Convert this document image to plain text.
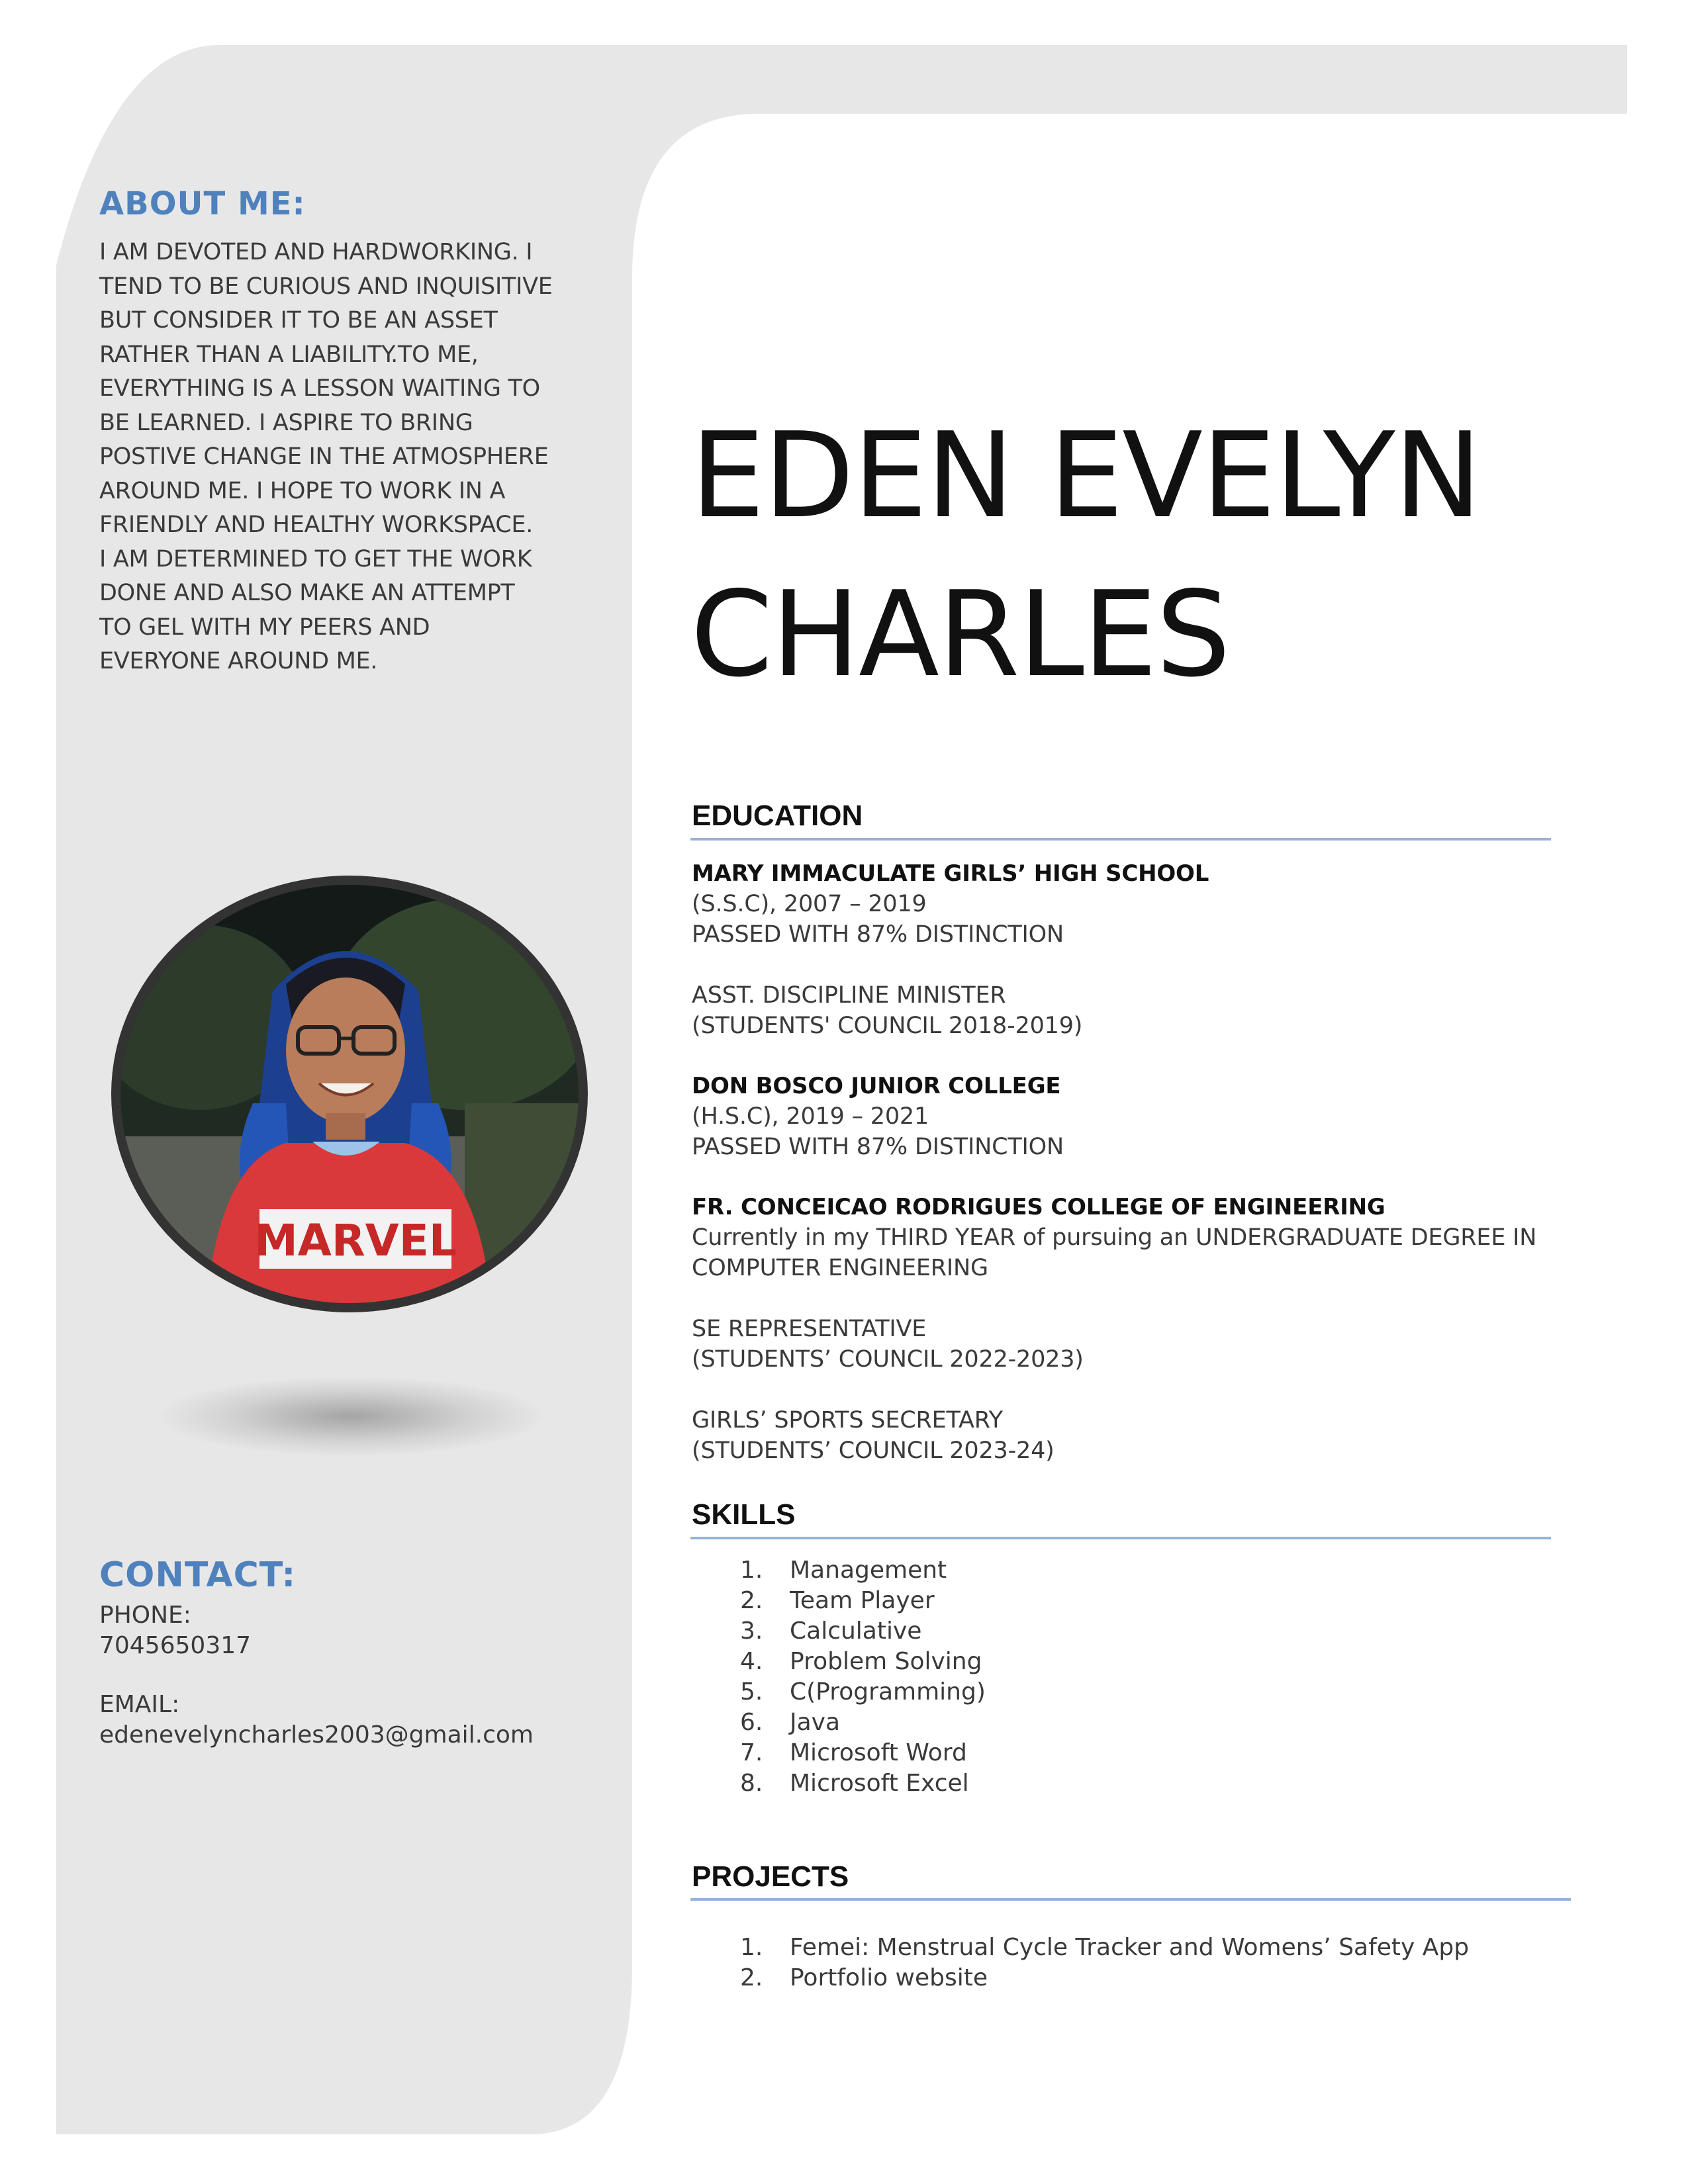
ABOUT ME:
I AM DEVOTED AND HARDWORKING. I
TEND TO BE CURIOUS AND INQUISITIVE
BUT CONSIDER IT TO BE AN ASSET
RATHER THAN A LIABILITY.TO ME,
EVERYTHING IS A LESSON WAITING TO
BE LEARNED. I ASPIRE TO BRING
POSTIVE CHANGE IN THE ATMOSPHERE
AROUND ME. I HOPE TO WORK IN A
FRIENDLY AND HEALTHY WORKSPACE.
I AM DETERMINED TO GET THE WORK
DONE AND ALSO MAKE AN ATTEMPT
TO GEL WITH MY PEERS AND
EVERYONE AROUND ME.
MARVEL
CONTACT:

PHONE:

7045650317

EMAIL:

edenevelyncharles2003@gmail.com

EDEN EVELYN
CHARLES
EDUCATION

MARY IMMACULATE GIRLS’ HIGH SCHOOL

(S.S.C), 2007 – 2019

PASSED WITH 87% DISTINCTION

ASST. DISCIPLINE MINISTER

(STUDENTS' COUNCIL 2018-2019)

DON BOSCO JUNIOR COLLEGE

(H.S.C), 2019 – 2021

PASSED WITH 87% DISTINCTION

FR. CONCEICAO RODRIGUES COLLEGE OF ENGINEERING

Currently in my THIRD YEAR of pursuing an UNDERGRADUATE DEGREE IN

COMPUTER ENGINEERING

SE REPRESENTATIVE

(STUDENTS’ COUNCIL 2022-2023)

GIRLS’ SPORTS SECRETARY

(STUDENTS’ COUNCIL 2023-24)

SKILLS

1.	Management

2.	Team Player

3.	Calculative

4.	Problem Solving

5.	C(Programming)

6.	Java

7.	Microsoft Word

8.	Microsoft Excel

PROJECTS

1.	Femei: Menstrual Cycle Tracker and Womens’ Safety App

2.	Portfolio website
